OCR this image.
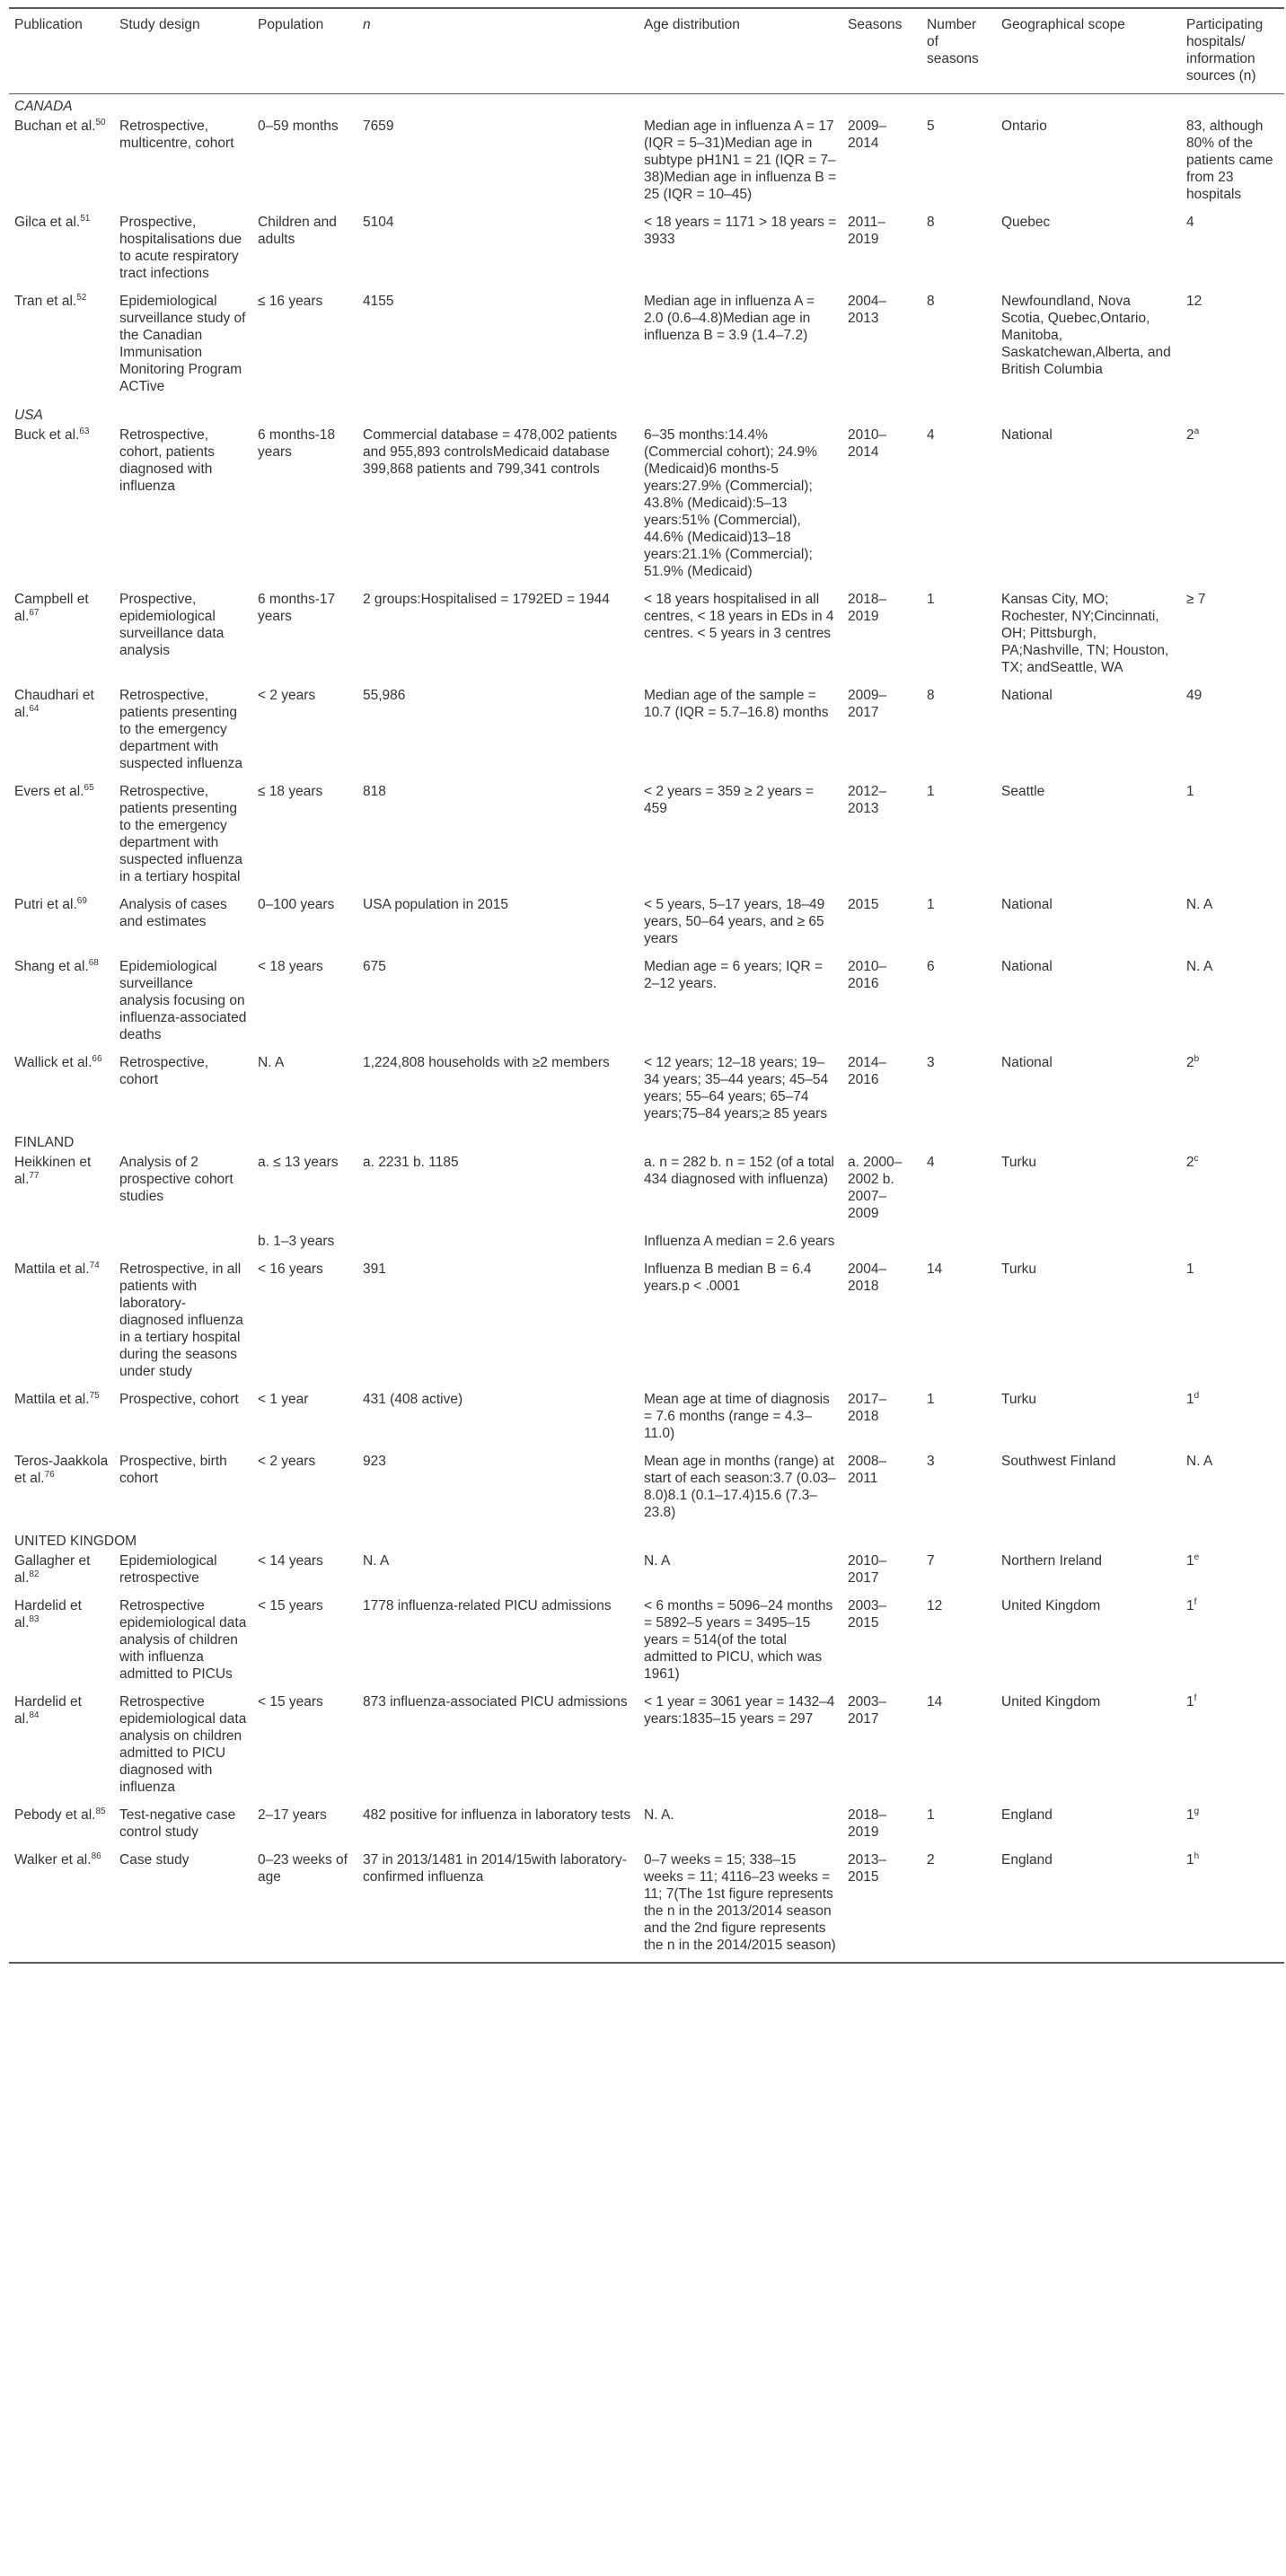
Publication	Study design	Population	n	Age distribution	Seasons	Number of seasons	Geographical scope	Participating hospitals/ information sources (n)
CANADA								
Buchan et al.$^{50}$	Retrospective, multicentre, cohort	0–59 months	7659	Median age in influenza A = 17 (IQR = 5–31)Median age in subtype pH1N1 = 21 (IQR = 7–38)Median age in influenza B = 25 (IQR = 10–45)	2009–2014	5	Ontario	83, although 80% of the patients came from 23 hospitals
Gilca et al.$^{51}$	Prospective, hospitalisations due to acute respiratory tract infections	Children and adults	5104	< 18 years = 1171 > 18 years = 3933	2011–2019	8	Quebec	4
Tran et al.$^{52}$	Epidemiological surveillance study of the Canadian Immunisation Monitoring Program ACTive	≤ 16 years	4155	Median age in influenza A = 2.0 (0.6–4.8)Median age in influenza B = 3.9 (1.4–7.2)	2004–2013	8	Newfoundland, Nova Scotia, Quebec,Ontario, Manitoba, Saskatchewan,Alberta, and British Columbia	12
USA								
Buck et al.$^{63}$	Retrospective, cohort, patients diagnosed with influenza	6 months-18 years	Commercial database = 478,002 patients and 955,893 controlsMedicaid database 399,868 patients and 799,341 controls	6–35 months:14.4% (Commercial cohort); 24.9% (Medicaid)6 months-5 years:27.9% (Commercial); 43.8% (Medicaid):5–13 years:51% (Commercial), 44.6% (Medicaid)13–18 years:21.1% (Commercial); 51.9% (Medicaid)	2010–2014	4	National	2$^a$
Campbell et al.$^{67}$	Prospective, epidemiological surveillance data analysis	6 months-17 years	2 groups:Hospitalised = 1792ED = 1944	< 18 years hospitalised in all centres, < 18 years in EDs in 4 centres. < 5 years in 3 centres	2018–2019	1	Kansas City, MO; Rochester, NY;Cincinnati, OH; Pittsburgh, PA;Nashville, TN; Houston, TX; andSeattle, WA	≥ 7
Chaudhari et al.$^{64}$	Retrospective, patients presenting to the emergency department with suspected influenza	< 2 years	55,986	Median age of the sample = 10.7 (IQR = 5.7–16.8) months	2009–2017	8	National	49
Evers et al.$^{65}$	Retrospective, patients presenting to the emergency department with suspected influenza in a tertiary hospital	≤ 18 years	818	< 2 years = 359 ≥ 2 years = 459	2012–2013	1	Seattle	1
Putri et al.$^{69}$	Analysis of cases and estimates	0–100 years	USA population in 2015	< 5 years, 5–17 years, 18–49 years, 50–64 years, and ≥ 65 years	2015	1	National	N. A
Shang et al.$^{68}$	Epidemiological surveillance analysis focusing on influenza-associated deaths	< 18 years	675	Median age = 6 years; IQR = 2–12 years.	2010–2016	6	National	N. A
Wallick et al.$^{66}$	Retrospective, cohort	N. A	1,224,808 households with ≥2 members	< 12 years; 12–18 years; 19–34 years; 35–44 years; 45–54 years; 55–64 years; 65–74 years;75–84 years;≥ 85 years	2014–2016	3	National	2$^b$
FINLAND								
Heikkinen et al.$^{77}$	Analysis of 2 prospective cohort studies	a. ≤ 13 years	a. 2231 b. 1185	a. n = 282 b. n = 152 (of a total 434 diagnosed with influenza)	a. 2000–2002 b. 2007–2009	4	Turku	2$^c$
		b. 1–3 years		Influenza A median = 2.6 years				
Mattila et al.$^{74}$	Retrospective, in all patients with laboratory-diagnosed influenza in a tertiary hospital during the seasons under study	< 16 years	391	Influenza B median B = 6.4 years.p < .0001	2004–2018	14	Turku	1
Mattila et al.$^{75}$	Prospective, cohort	< 1 year	431 (408 active)	Mean age at time of diagnosis = 7.6 months (range = 4.3–11.0)	2017–2018	1	Turku	1$^d$
Teros-Jaakkola et al.$^{76}$	Prospective, birth cohort	< 2 years	923	Mean age in months (range) at start of each season:3.7 (0.03–8.0)8.1 (0.1–17.4)15.6 (7.3–23.8)	2008–2011	3	Southwest Finland	N. A
UNITED KINGDOM								
Gallagher et al.$^{82}$	Epidemiological retrospective	< 14 years	N. A	N. A	2010–2017	7	Northern Ireland	1e
Hardelid et al.$^{83}$	Retrospective epidemiological data analysis of children with influenza admitted to PICUs	< 15 years	1778 influenza-related PICU admissions	< 6 months = 5096–24 months = 5892–5 years = 3495–15 years = 514(of the total admitted to PICU, which was 1961)	2003–2015	12	United Kingdom	1$^f$
Hardelid et al.$^{84}$	Retrospective epidemiological data analysis on children admitted to PICU diagnosed with influenza	< 15 years	873 influenza-associated PICU admissions	< 1 year = 3061 year = 1432–4 years:1835–15 years = 297	2003–2017	14	United Kingdom	1$^f$
Pebody et al.$^{85}$	Test-negative case control study	2–17 years	482 positive for influenza in laboratory tests	N. A.	2018–2019	1	England	1$^g$
Walker et al.$^{86}$	Case study	0–23 weeks of age	37 in 2013/1481 in 2014/15with laboratory-confirmed influenza	0–7 weeks = 15; 338–15 weeks = 11; 4116–23 weeks = 11; 7(The 1st figure represents the n in the 2013/2014 season and the 2nd figure represents the n in the 2014/2015 season)	2013–2015	2	England	1$^h$
